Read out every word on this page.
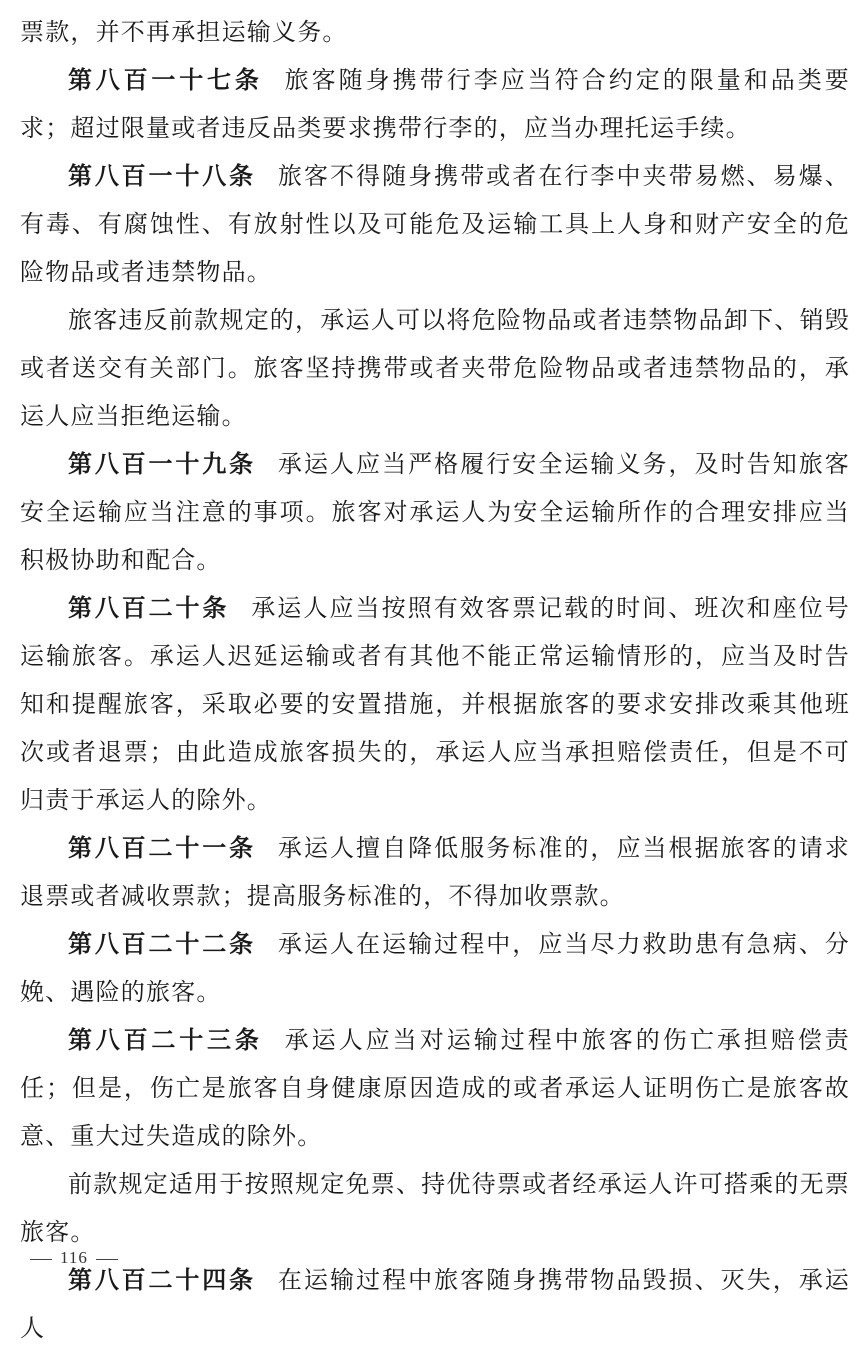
票款，并不再承担运输义务。

第八百一十七条 旅客随身携带行李应当符合约定的限量和品类要求；超过限量或者违反品类要求携带行李的，应当办理托运手续。

第八百一十八条 旅客不得随身携带或者在行李中夹带易燃、易爆、有毒、有腐蚀性、有放射性以及可能危及运输工具上人身和财产安全的危险物品或者违禁物品。

旅客违反前款规定的，承运人可以将危险物品或者违禁物品卸下、销毁或者送交有关部门。旅客坚持携带或者夹带危险物品或者违禁物品的，承运人应当拒绝运输。

第八百一十九条 承运人应当严格履行安全运输义务，及时告知旅客安全运输应当注意的事项。旅客对承运人为安全运输所作的合理安排应当积极协助和配合。

第八百二十条 承运人应当按照有效客票记载的时间、班次和座位号运输旅客。承运人迟延运输或者有其他不能正常运输情形的，应当及时告知和提醒旅客，采取必要的安置措施，并根据旅客的要求安排改乘其他班次或者退票；由此造成旅客损失的，承运人应当承担赔偿责任，但是不可归责于承运人的除外。

第八百二十一条 承运人擅自降低服务标准的，应当根据旅客的请求退票或者减收票款；提高服务标准的，不得加收票款。

第八百二十二条 承运人在运输过程中，应当尽力救助患有急病、分娩、遇险的旅客。

第八百二十三条 承运人应当对运输过程中旅客的伤亡承担赔偿责任；但是，伤亡是旅客自身健康原因造成的或者承运人证明伤亡是旅客故意、重大过失造成的除外。

前款规定适用于按照规定免票、持优待票或者经承运人许可搭乘的无票旅客。

第八百二十四条 在运输过程中旅客随身携带物品毁损、灭失，承运人

116
